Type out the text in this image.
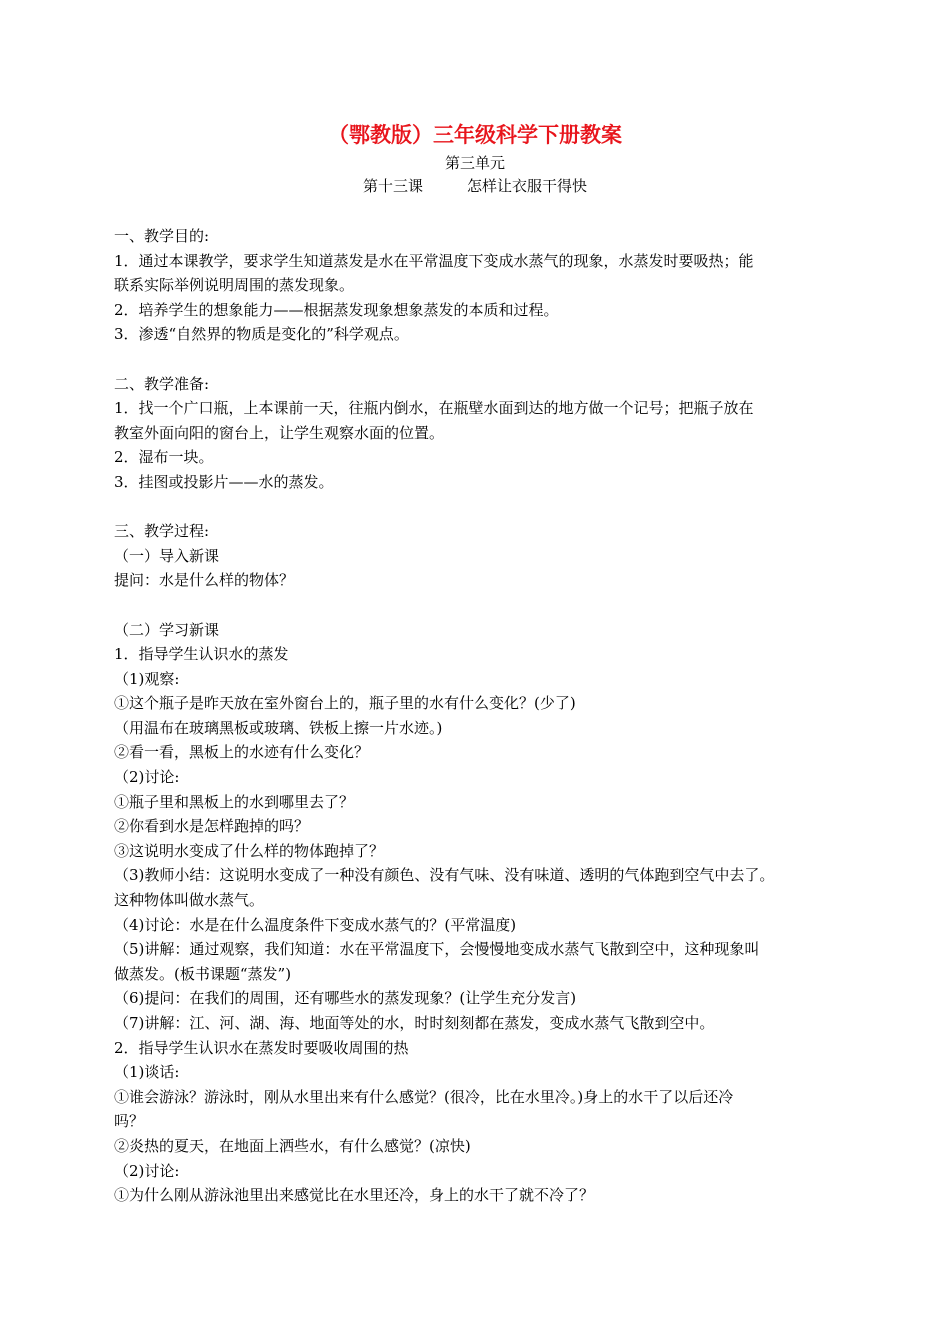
（鄂教版）三年级科学下册教案
第三单元
第十三课	怎样让衣服干得快
一、教学目的:
1．通过本课教学，要求学生知道蒸发是水在平常温度下变成水蒸气的现象，水蒸发时要吸热；能
联系实际举例说明周围的蒸发现象。
2．培养学生的想象能力——根据蒸发现象想象蒸发的本质和过程。
3．渗透“自然界的物质是变化的”科学观点。
二、教学准备:
1．找一个广口瓶，上本课前一天，往瓶内倒水，在瓶壁水面到达的地方做一个记号；把瓶子放在
教室外面向阳的窗台上，让学生观察水面的位置。
2．湿布一块。
3．挂图或投影片——水的蒸发。
三、教学过程:
（一）导入新课
提问：水是什么样的物体？
（二）学习新课
1．指导学生认识水的蒸发
（1)观察:
①这个瓶子是昨天放在室外窗台上的，瓶子里的水有什么变化？(少了)
（用温布在玻璃黑板或玻璃、铁板上擦一片水迹。)
②看一看，黑板上的水迹有什么变化？
（2)讨论:
①瓶子里和黑板上的水到哪里去了？
②你看到水是怎样跑掉的吗？
③这说明水变成了什么样的物体跑掉了？
（3)教师小结：这说明水变成了一种没有颜色、没有气味、没有味道、透明的气体跑到空气中去了。
这种物体叫做水蒸气。
（4)讨论：水是在什么温度条件下变成水蒸气的？(平常温度)
（5)讲解：通过观察，我们知道：水在平常温度下，会慢慢地变成水蒸气飞散到空中，这种现象叫
做蒸发。(板书课题“蒸发”)
（6)提问：在我们的周围，还有哪些水的蒸发现象？(让学生充分发言)
（7)讲解：江、河、湖、海、地面等处的水，时时刻刻都在蒸发，变成水蒸气飞散到空中。
2．指导学生认识水在蒸发时要吸收周围的热
（1)谈话:
①谁会游泳？游泳时，刚从水里出来有什么感觉？(很冷，比在水里冷。)身上的水干了以后还冷
吗？
②炎热的夏天，在地面上洒些水，有什么感觉？(凉快)
（2)讨论:
①为什么刚从游泳池里出来感觉比在水里还冷，身上的水干了就不冷了？
